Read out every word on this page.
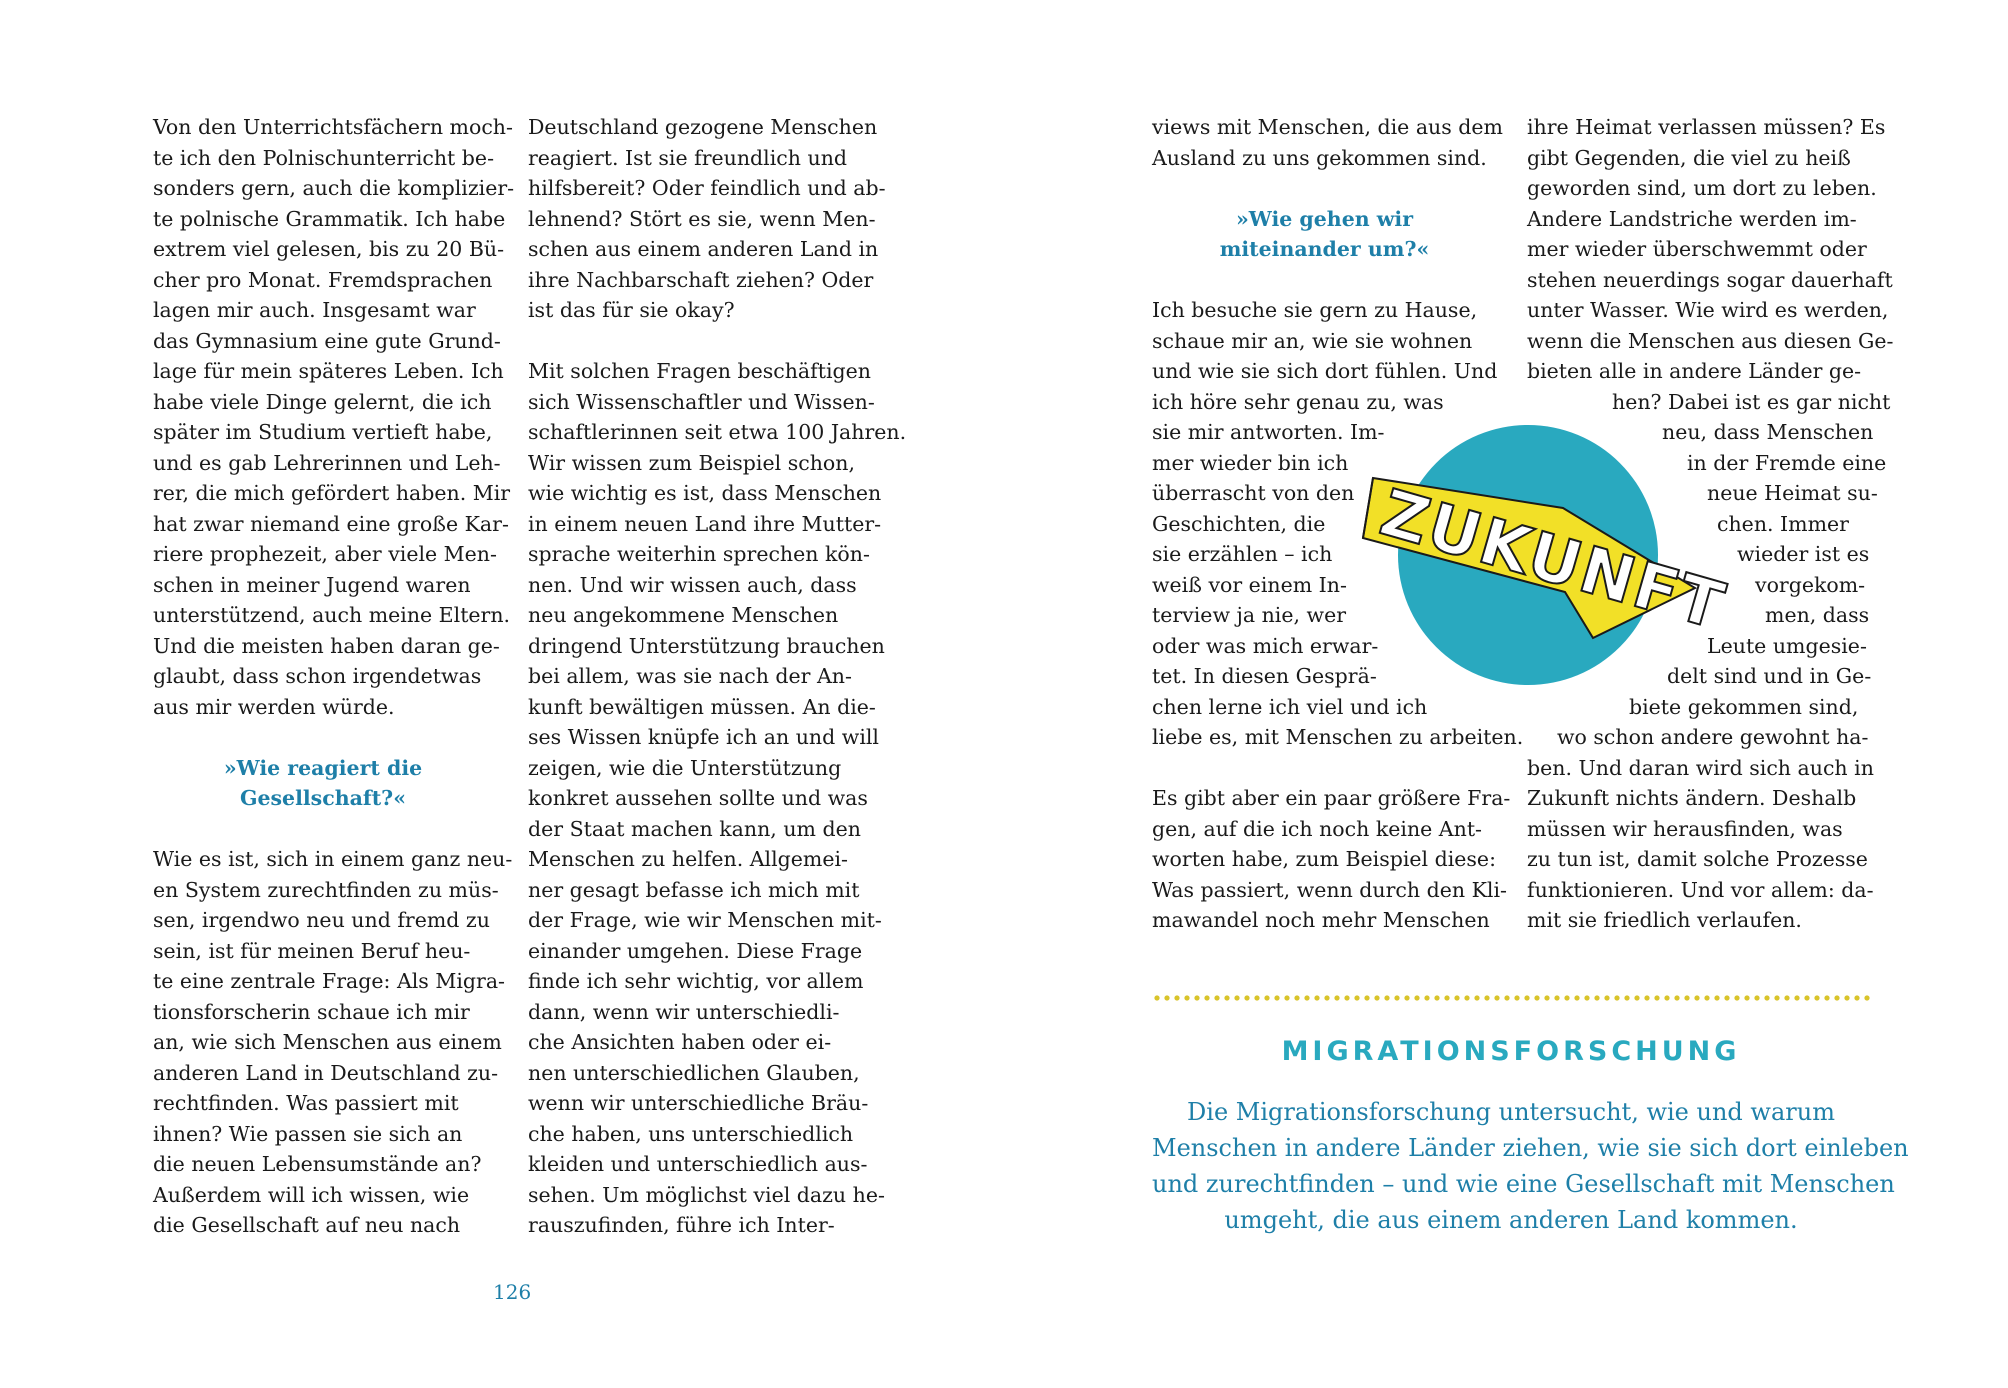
Von den Unterrichtsfächern moch-
te ich den Polnischunterricht be-
sonders gern, auch die komplizier-
te polnische Grammatik. Ich habe
extrem viel gelesen, bis zu 20 Bü-
cher pro Monat. Fremdsprachen
lagen mir auch. Insgesamt war
das Gymnasium eine gute Grund-
lage für mein späteres Leben. Ich
habe viele Dinge gelernt, die ich
später im Studium vertieft habe,
und es gab Lehrerinnen und Leh-
rer, die mich gefördert haben. Mir
hat zwar niemand eine große Kar-
riere prophezeit, aber viele Men-
schen in meiner Jugend waren
unterstützend, auch meine Eltern.
Und die meisten haben daran ge-
glaubt, dass schon irgendetwas
aus mir werden würde.
»Wie reagiert die
Gesellschaft?«
Wie es ist, sich in einem ganz neu-
en System zurechtfinden zu müs-
sen, irgendwo neu und fremd zu
sein, ist für meinen Beruf heu-
te eine zentrale Frage: Als Migra-
tionsforscherin schaue ich mir
an, wie sich Menschen aus einem
anderen Land in Deutschland zu-
rechtfinden. Was passiert mit
ihnen? Wie passen sie sich an
die neuen Lebensumstände an?
Außerdem will ich wissen, wie
die Gesellschaft auf neu nach
Deutschland gezogene Menschen
reagiert. Ist sie freundlich und
hilfsbereit? Oder feindlich und ab-
lehnend? Stört es sie, wenn Men-
schen aus einem anderen Land in
ihre Nachbarschaft ziehen? Oder
ist das für sie okay?
Mit solchen Fragen beschäftigen
sich Wissenschaftler und Wissen-
schaftlerinnen seit etwa 100 Jahren.
Wir wissen zum Beispiel schon,
wie wichtig es ist, dass Menschen
in einem neuen Land ihre Mutter-
sprache weiterhin sprechen kön-
nen. Und wir wissen auch, dass
neu angekommene Menschen
dringend Unterstützung brauchen
bei allem, was sie nach der An-
kunft bewältigen müssen. An die-
ses Wissen knüpfe ich an und will
zeigen, wie die Unterstützung
konkret aussehen sollte und was
der Staat machen kann, um den
Menschen zu helfen. Allgemei-
ner gesagt befasse ich mich mit
der Frage, wie wir Menschen mit-
einander umgehen. Diese Frage
finde ich sehr wichtig, vor allem
dann, wenn wir unterschiedli-
che Ansichten haben oder ei-
nen unterschiedlichen Glauben,
wenn wir unterschiedliche Bräu-
che haben, uns unterschiedlich
kleiden und unterschiedlich aus-
sehen. Um möglichst viel dazu he-
rauszufinden, führe ich Inter-
126
views mit Menschen, die aus dem
Ausland zu uns gekommen sind.
»Wie gehen wir
miteinander um?«
Ich besuche sie gern zu Hause,
schaue mir an, wie sie wohnen
und wie sie sich dort fühlen. Und
ich höre sehr genau zu, was
sie mir antworten. Im-
mer wieder bin ich
überrascht von den
Geschichten, die
sie erzählen – ich
weiß vor einem In-
terview ja nie, wer
oder was mich erwar-
tet. In diesen Gesprä-
chen lerne ich viel und ich
liebe es, mit Menschen zu arbeiten.
Es gibt aber ein paar größere Fra-
gen, auf die ich noch keine Ant-
worten habe, zum Beispiel diese:
Was passiert, wenn durch den Kli-
mawandel noch mehr Menschen
ihre Heimat verlassen müssen? Es
gibt Gegenden, die viel zu heiß
geworden sind, um dort zu leben.
Andere Landstriche werden im-
mer wieder überschwemmt oder
stehen neuerdings sogar dauerhaft
unter Wasser. Wie wird es werden,
wenn die Menschen aus diesen Ge-
bieten alle in andere Länder ge-
hen? Dabei ist es gar nicht
neu, dass Menschen
in der Fremde eine
neue Heimat su-
chen. Immer
wieder ist es
vorgekom-
men, dass
Leute umgesie-
delt sind und in Ge-
biete gekommen sind,
wo schon andere gewohnt ha-
ben. Und daran wird sich auch in
Zukunft nichts ändern. Deshalb
müssen wir herausfinden, was
zu tun ist, damit solche Prozesse
funktionieren. Und vor allem: da-
mit sie friedlich verlaufen.
ZUKUNFT
MIGRATIONSFORSCHUNG
Die Migrationsforschung untersucht, wie und warum
Menschen in andere Länder ziehen, wie sie sich dort einleben
und zurechtfinden – und wie eine Gesellschaft mit Menschen
umgeht, die aus einem anderen Land kommen.
